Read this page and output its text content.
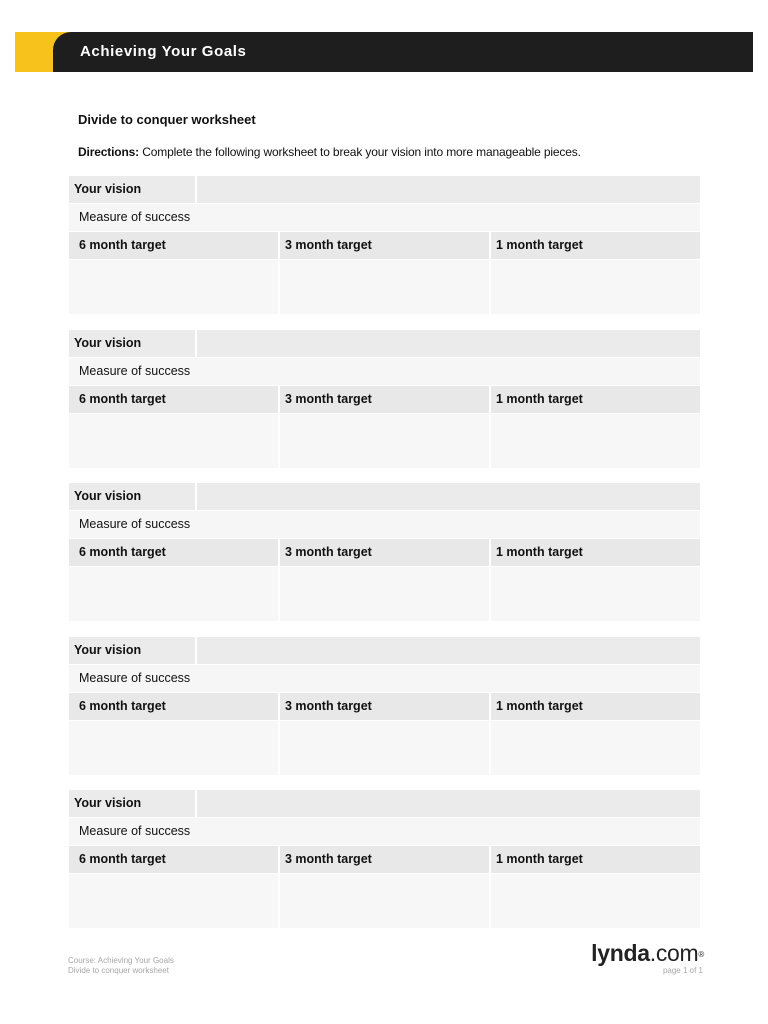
Achieving Your Goals
Divide to conquer worksheet
Directions: Complete the following worksheet to break your vision into more manageable pieces.
Your vision
Measure of success
6 month target	3 month target	1 month target
Your vision
Measure of success
6 month target	3 month target	1 month target
Your vision
Measure of success
6 month target	3 month target	1 month target
Your vision
Measure of success
6 month target	3 month target	1 month target
Your vision
Measure of success
6 month target	3 month target	1 month target
Course: Achieving Your Goals
Divide to conquer worksheet
lynda.com®
page 1 of 1
